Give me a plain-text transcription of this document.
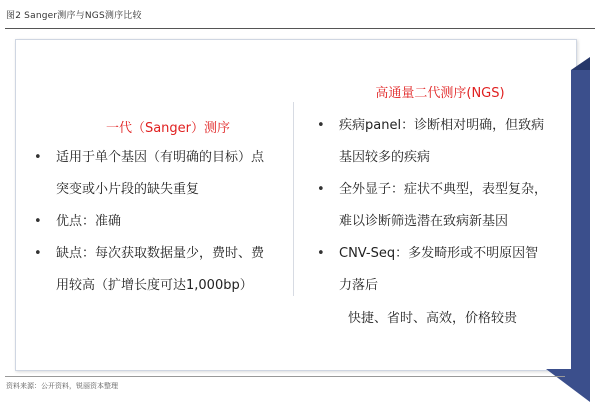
图2 Sanger测序与NGS测序比较
一代（Sanger）测序
• 适用于单个基因（有明确的目标）点
突变或小片段的缺失重复
• 优点：准确
• 缺点：每次获取数据量少，费时、费
用较高（扩增长度可达1,000bp）
高通量二代测序(NGS)
• 疾病panel：诊断相对明确，但致病
基因较多的疾病
• 全外显子：症状不典型，表型复杂，
难以诊断筛选潜在致病新基因
• CNV-Seq：多发畸形或不明原因智
力落后
快捷、省时、高效，价格较贵
资料来源：公开资料，锐丽资本整理
